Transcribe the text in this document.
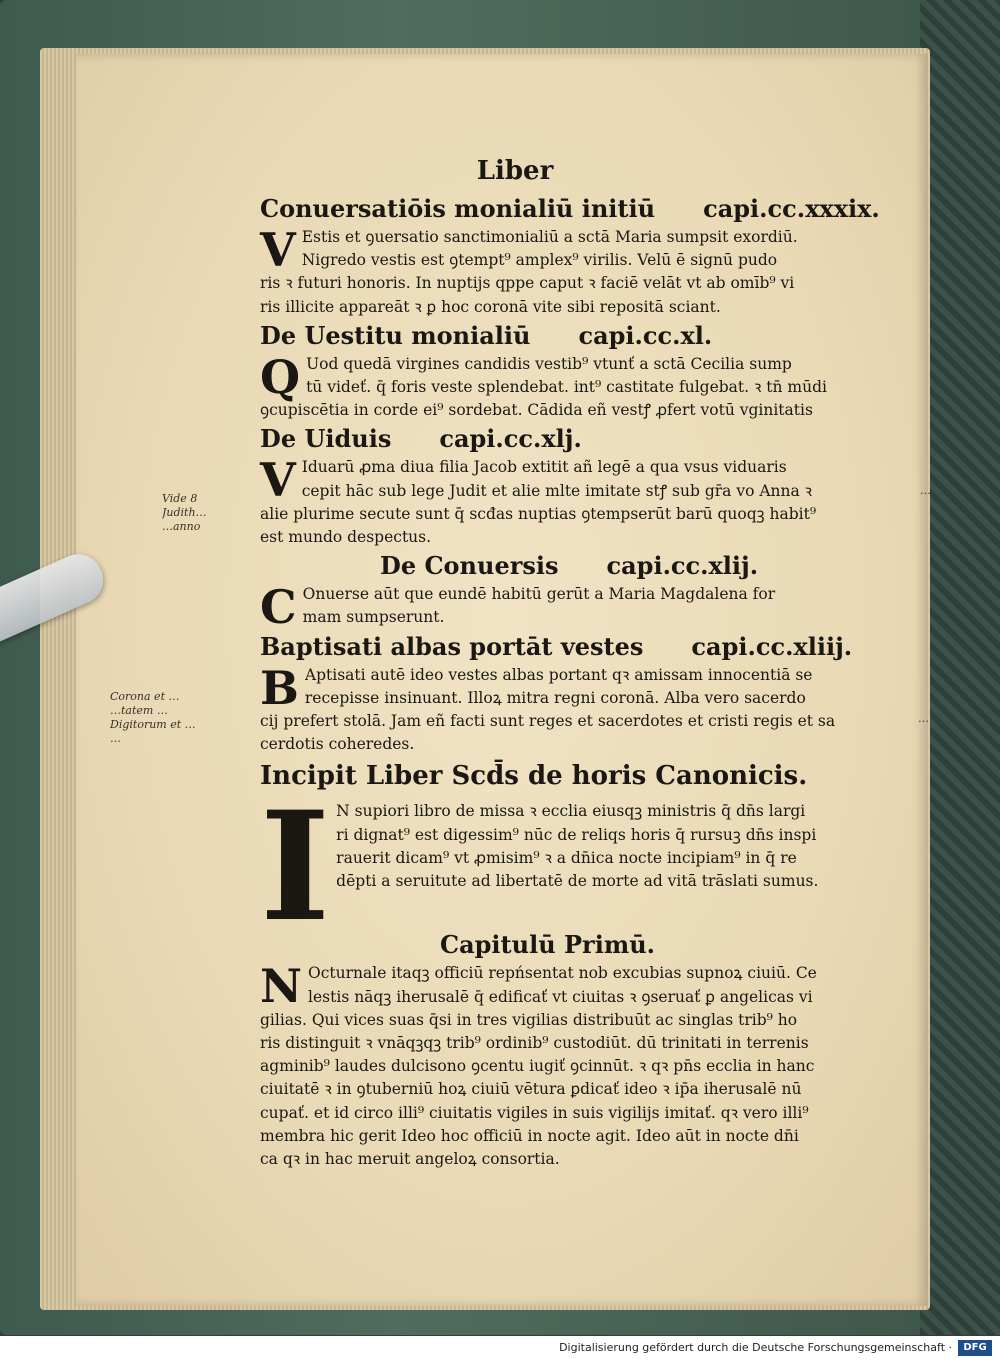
Vide 8
Judith…
…anno
Corona et …
…tatem …
Digitorum et …
…
…
…
Liber
Conuersatiōis monialiū initiū capi.cc.xxxix.
V Estis et ꝯuersatio sanctimonialiū a sctā Maria sumpsit exordiū.
Nigredo vestis est ꝯtempt⁹ amplex⁹ virilis. Velū ē signū pudo
ris ꝛ futuri honoris. In nuptijs qppe caput ꝛ faciē velāt vt ab omīb⁹ vi
ris illicite appareāt ꝛ ꝑ hoc coronā vite sibi repositā sciant.
De Uestitu monialiū capi.cc.xl.
Q Uod quedā virgines candidis vestib⁹ vtunť a sctā Cecilia sump
tū videť. q̄ foris veste splendebat. int⁹ castitate fulgebat. ꝛ tn̄ mūdi
ꝯcupiscētia in corde ei⁹ sordebat. Cādida eñ vestꝭ ꝓfert votū vginitatis
De Uiduis capi.cc.xlj.
V Iduarū ꝓma diua filia Jacob extitit añ legē a qua vsus viduaris
cepit hāc sub lege Judit et alie mlte imitate stꝭ sub gr̄a vo Anna ꝛ
alie plurime secute sunt q̄ scđas nuptias ꝯtempserūt barū quoqꝫ habit⁹
est mundo despectus.
De Conuersis capi.cc.xlij.
C Onuerse aūt que eundē habitū gerūt a Maria Magdalena for
mam sumpserunt.
Baptisati albas portāt vestes capi.cc.xliij.
B Aptisati autē ideo vestes albas portant qꝛ amissam innocentiā se
recepisse insinuant. Illoꝝ mitra regni coronā. Alba vero sacerdo
cij prefert stolā. Jam eñ facti sunt reges et sacerdotes et cristi regis et sa
cerdotis coheredes.
Incipit Liber Scd̄s de horis Canonicis.
I N supiori libro de missa ꝛ ecclia eiusqꝫ ministris q̄ dn̄s largi
ri dignat⁹ est digessim⁹ nūc de reliqs horis q̄ rursuꝫ dn̄s inspi
rauerit dicam⁹ vt ꝓmisim⁹ ꝛ a dn̄ica nocte incipiam⁹ in q̄ re
dēpti a seruitute ad libertatē de morte ad vitā trāslati sumus.
Capitulū Primū.
N Octurnale itaqꝫ officiū repńsentat nob excubias supnoꝝ ciuiū. Ce
lestis nāqꝫ iherusalē q̄ edificať vt ciuitas ꝛ ꝯseruať ꝑ angelicas vi
gilias. Qui vices suas q̄si in tres vigilias distribuūt ac singlas trib⁹ ho
ris distinguit ꝛ vnāqꝫqꝫ trib⁹ ordinib⁹ custodiūt. dū trinitati in terrenis
agminib⁹ laudes dulcisono ꝯcentu iugiť ꝯcinnūt. ꝛ qꝛ pn̄s ecclia in hanc
ciuitatē ꝛ in ꝯtuberniū hoꝝ ciuiū vētura ꝑdicať ideo ꝛ ip̄a iherusalē nū
cupať. et id circo illi⁹ ciuitatis vigiles in suis vigilijs imitať. qꝛ vero illi⁹
membra hic gerit Ideo hoc officiū in nocte agit. Ideo aūt in nocte dn̄i
ca qꝛ in hac meruit angeloꝝ consortia.
Digitalisierung gefördert durch die Deutsche Forschungsgemeinschaft ·	DFG
